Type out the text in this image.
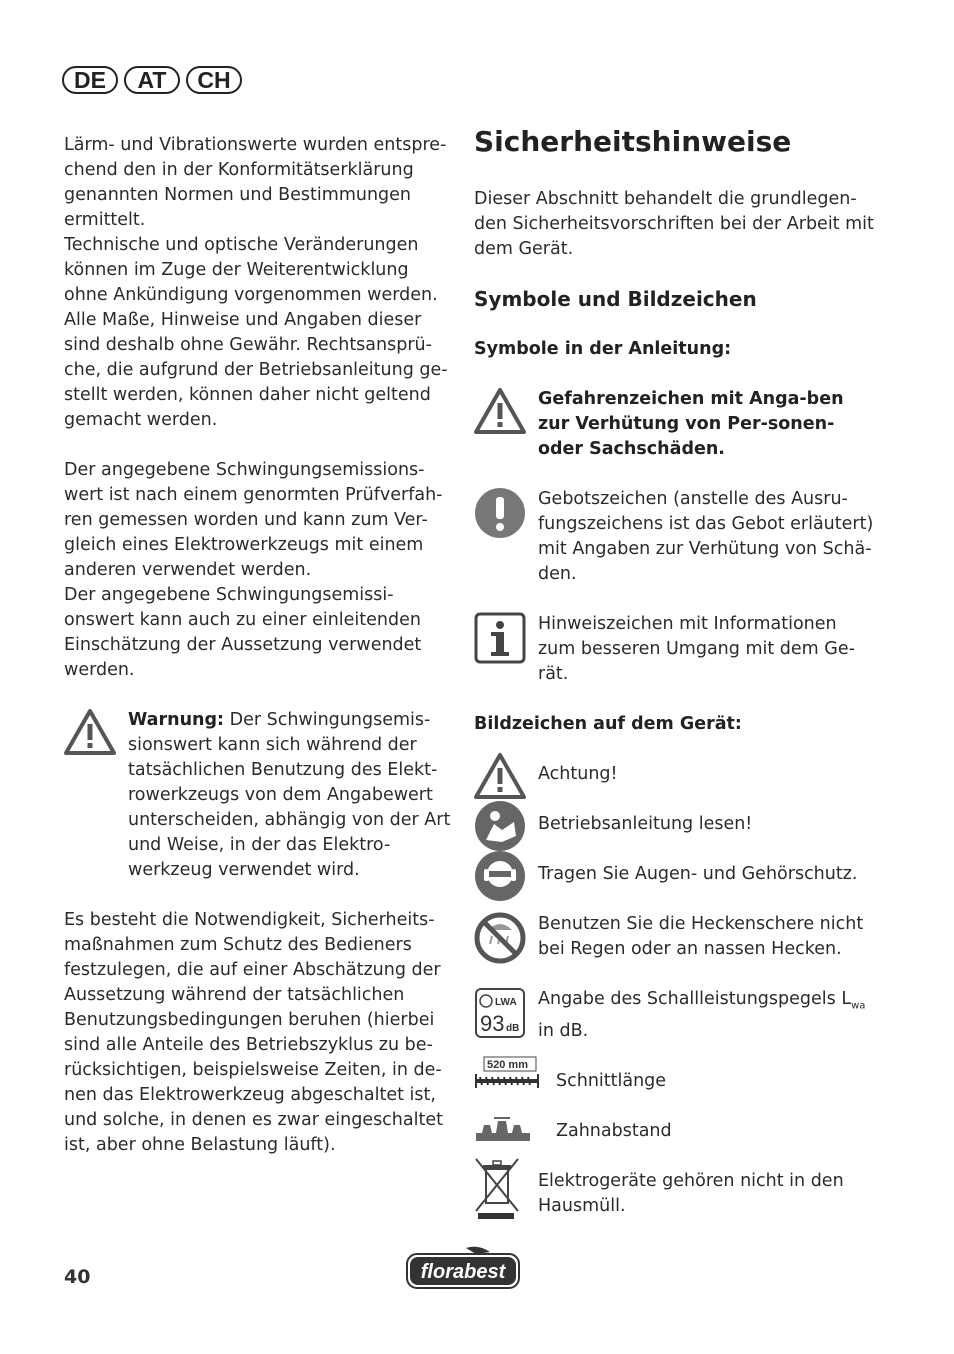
DE	AT	CH

Lärm- und Vibrationswerte wurden entspre-chend den in der Konformitätserklärung genannten Normen und Bestimmungen ermittelt.

Technische und optische Veränderungen können im Zuge der Weiterentwicklung ohne Ankündigung vorgenommen werden. Alle Maße, Hinweise und Angaben dieser sind deshalb ohne Gewähr. Rechtsansprü-che, die aufgrund der Betriebsanleitung ge-stellt werden, können daher nicht geltend gemacht werden.

Der angegebene Schwingungsemissions-wert ist nach einem genormten Prüfverfah-ren gemessen worden und kann zum Ver-gleich eines Elektrowerkzeugs mit einem anderen verwendet werden.

Der angegebene Schwingungsemissi-onswert kann auch zu einer einleitenden Einschätzung der Aussetzung verwendet werden.

Warnung: Der Schwingungsemis-sionswert kann sich während der tatsächlichen Benutzung des Elekt-rowerkzeugs von dem Angabewert unterscheiden, abhängig von der Art und Weise, in der das Elektro-werkzeug verwendet wird.

Es besteht die Notwendigkeit, Sicherheits-maßnahmen zum Schutz des Bedieners festzulegen, die auf einer Abschätzung der Aussetzung während der tatsächlichen Benutzungsbedingungen beruhen (hierbei sind alle Anteile des Betriebszyklus zu be-rücksichtigen, beispielsweise Zeiten, in de-nen das Elektrowerkzeug abgeschaltet ist, und solche, in denen es zwar eingeschaltet ist, aber ohne Belastung läuft).

Sicherheitshinweise

Dieser Abschnitt behandelt die grundlegen-den Sicherheitsvorschriften bei der Arbeit mit dem Gerät.

Symbole und Bildzeichen
Symbole in der Anleitung:

Gefahrenzeichen mit Anga-ben zur Verhütung von Per-sonen- oder Sachschäden.

Gebotszeichen (anstelle des Ausru-fungszeichens ist das Gebot erläutert) mit Angaben zur Verhütung von Schä-den.

Hinweiszeichen mit Informationen zum besseren Umgang mit dem Ge-rät.

Bildzeichen auf dem Gerät:

Achtung!

Betriebsanleitung lesen!

Tragen Sie Augen- und Gehörschutz.

Benutzen Sie die Heckenschere nicht bei Regen oder an nassen Hecken.

LWA
93 dB

Angabe des Schallleistungspegels $L_{wa}$ in dB.

520 mm

Schnittlänge

Zahnabstand

Elektrogeräte gehören nicht in den Hausmüll.

40	florabest
